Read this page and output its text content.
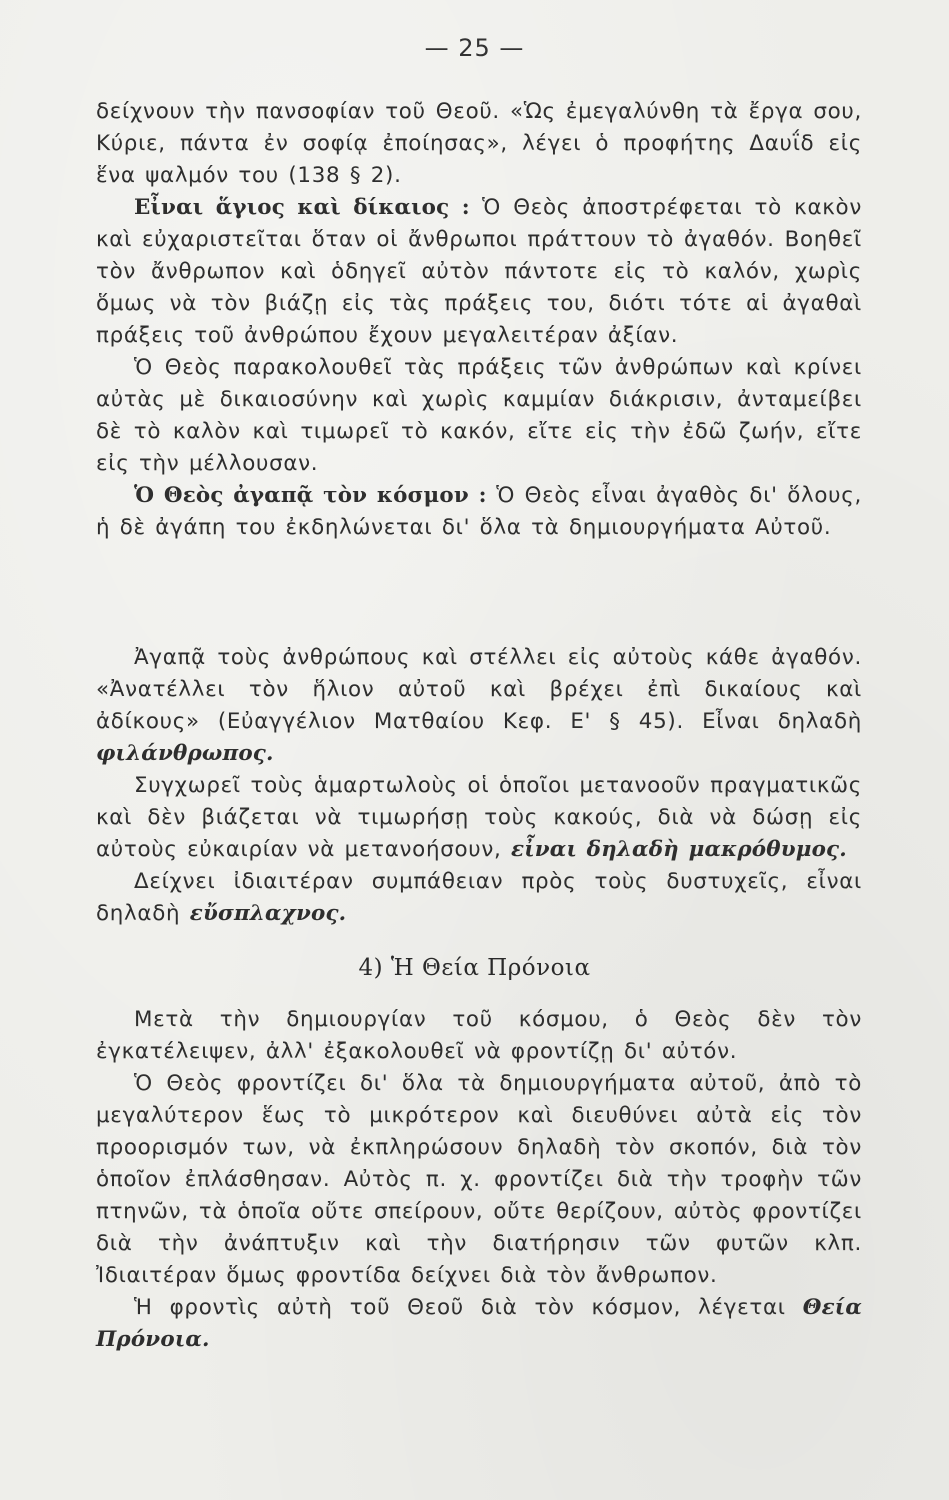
— 25 —

δείχνουν τὴν πανσοφίαν τοῦ Θεοῦ. «Ὡς ἐμεγαλύνθη τὰ ἔργα σου, Κύριε, πάντα ἐν σοφίᾳ ἐποίησας», λέγει ὁ προφήτης Δαυΐδ εἰς ἕνα ψαλμόν του (138 § 2).

Εἶναι ἅγιος καὶ δίκαιος : Ὁ Θεὸς ἀποστρέφεται τὸ κακὸν καὶ εὐχαριστεῖται ὅταν οἱ ἄνθρωποι πράττουν τὸ ἀγαθόν. Βοηθεῖ τὸν ἄνθρωπον καὶ ὁδηγεῖ αὐτὸν πάντοτε εἰς τὸ καλόν, χωρὶς ὅμως νὰ τὸν βιάζῃ εἰς τὰς πράξεις του, διότι τότε αἱ ἀγαθαὶ πράξεις τοῦ ἀνθρώπου ἔχουν μεγαλειτέραν ἀξίαν.

Ὁ Θεὸς παρακολουθεῖ τὰς πράξεις τῶν ἀνθρώπων καὶ κρίνει αὐτὰς μὲ δικαιοσύνην καὶ χωρὶς καμμίαν διάκρισιν, ἀνταμείβει δὲ τὸ καλὸν καὶ τιμωρεῖ τὸ κακόν, εἴτε εἰς τὴν ἐδῶ ζωήν, εἴτε εἰς τὴν μέλλουσαν.

Ὁ Θεὸς ἀγαπᾷ τὸν κόσμον : Ὁ Θεὸς εἶναι ἀγαθὸς δι' ὅλους, ἡ δὲ ἀγάπη του ἐκδηλώνεται δι' ὅλα τὰ δημιουργήματα Αὐτοῦ.

Ἀγαπᾷ τοὺς ἀνθρώπους καὶ στέλλει εἰς αὐτοὺς κάθε ἀγαθόν. «Ἀνατέλλει τὸν ἥλιον αὐτοῦ καὶ βρέχει ἐπὶ δικαίους καὶ ἀδίκους» (Εὐαγγέλιον Ματθαίου Κεφ. Ε' § 45). Εἶναι δηλαδὴ φιλάνθρωπος.

Συγχωρεῖ τοὺς ἁμαρτωλοὺς οἱ ὁποῖοι μετανοοῦν πραγματικῶς καὶ δὲν βιάζεται νὰ τιμωρήσῃ τοὺς κακούς, διὰ νὰ δώσῃ εἰς αὐτοὺς εὐκαιρίαν νὰ μετανοήσουν, εἶναι δηλαδὴ μακρόθυμος.

Δείχνει ἰδιαιτέραν συμπάθειαν πρὸς τοὺς δυστυχεῖς, εἶναι δηλαδὴ εὔσπλαχνος.

4) Ἡ Θεία Πρόνοια

Μετὰ τὴν δημιουργίαν τοῦ κόσμου, ὁ Θεὸς δὲν τὸν ἐγκατέλειψεν, ἀλλ' ἐξακολουθεῖ νὰ φροντίζῃ δι' αὐτόν.

Ὁ Θεὸς φροντίζει δι' ὅλα τὰ δημιουργήματα αὐτοῦ, ἀπὸ τὸ μεγαλύτερον ἕως τὸ μικρότερον καὶ διευθύνει αὐτὰ εἰς τὸν προορισμόν των, νὰ ἐκπληρώσουν δηλαδὴ τὸν σκοπόν, διὰ τὸν ὁποῖον ἐπλάσθησαν. Αὐτὸς π. χ. φροντίζει διὰ τὴν τροφὴν τῶν πτηνῶν, τὰ ὁποῖα οὔτε σπείρουν, οὔτε θερίζουν, αὐτὸς φροντίζει διὰ τὴν ἀνάπτυξιν καὶ τὴν διατήρησιν τῶν φυτῶν κλπ. Ἰδιαιτέραν ὅμως φροντίδα δείχνει διὰ τὸν ἄνθρωπον.

Ἡ φροντὶς αὐτὴ τοῦ Θεοῦ διὰ τὸν κόσμον, λέγεται Θεία Πρόνοια.
